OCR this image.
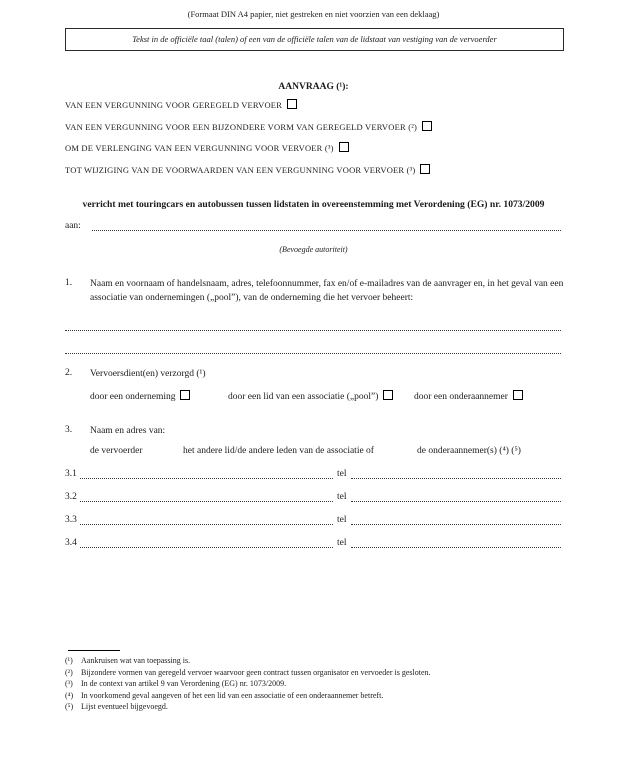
(Formaat DIN A4 papier, niet gestreken en niet voorzien van een deklaag)
Tekst in de officiële taal (talen) of een van de officiële talen van de lidstaat van vestiging van de vervoerder
AANVRAAG (¹):
VAN EEN VERGUNNING VOOR GEREGELD VERVOER
VAN EEN VERGUNNING VOOR EEN BIJZONDERE VORM VAN GEREGELD VERVOER (²)
OM DE VERLENGING VAN EEN VERGUNNING VOOR VERVOER (³)
TOT WIJZIGING VAN DE VOORWAARDEN VAN EEN VERGUNNING VOOR VERVOER (³)
verricht met touringcars en autobussen tussen lidstaten in overeenstemming met Verordening (EG) nr. 1073/2009
aan:
(Bevoegde autoriteit)
1.	Naam en voornaam of handelsnaam, adres, telefoonnummer, fax en/of e-mailadres van de aanvrager en, in het geval van een associatie van ondernemingen („pool”), van de onderneming die het vervoer beheert:
2.	Vervoersdient(en) verzorgd (¹)
door een onderneming	door een lid van een associatie („pool”)	door een onderaannemer
3.	Naam en adres van:
de vervoerder	het andere lid/de andere leden van de associatie of	de onderaannemer(s) (⁴) (⁵)
3.1	tel
3.2	tel
3.3	tel
3.4	tel
(¹)	Aankruisen wat van toepassing is.
(²)	Bijzondere vormen van geregeld vervoer waarvoor geen contract tussen organisator en vervoeder is gesloten.
(³)	In de context van artikel 9 van Verordening (EG) nr. 1073/2009.
(⁴) In voorkomend geval aangeven of het een lid van een associatie of een onderaannemer betreft.
(⁵) Lijst eventueel bijgevoegd.
